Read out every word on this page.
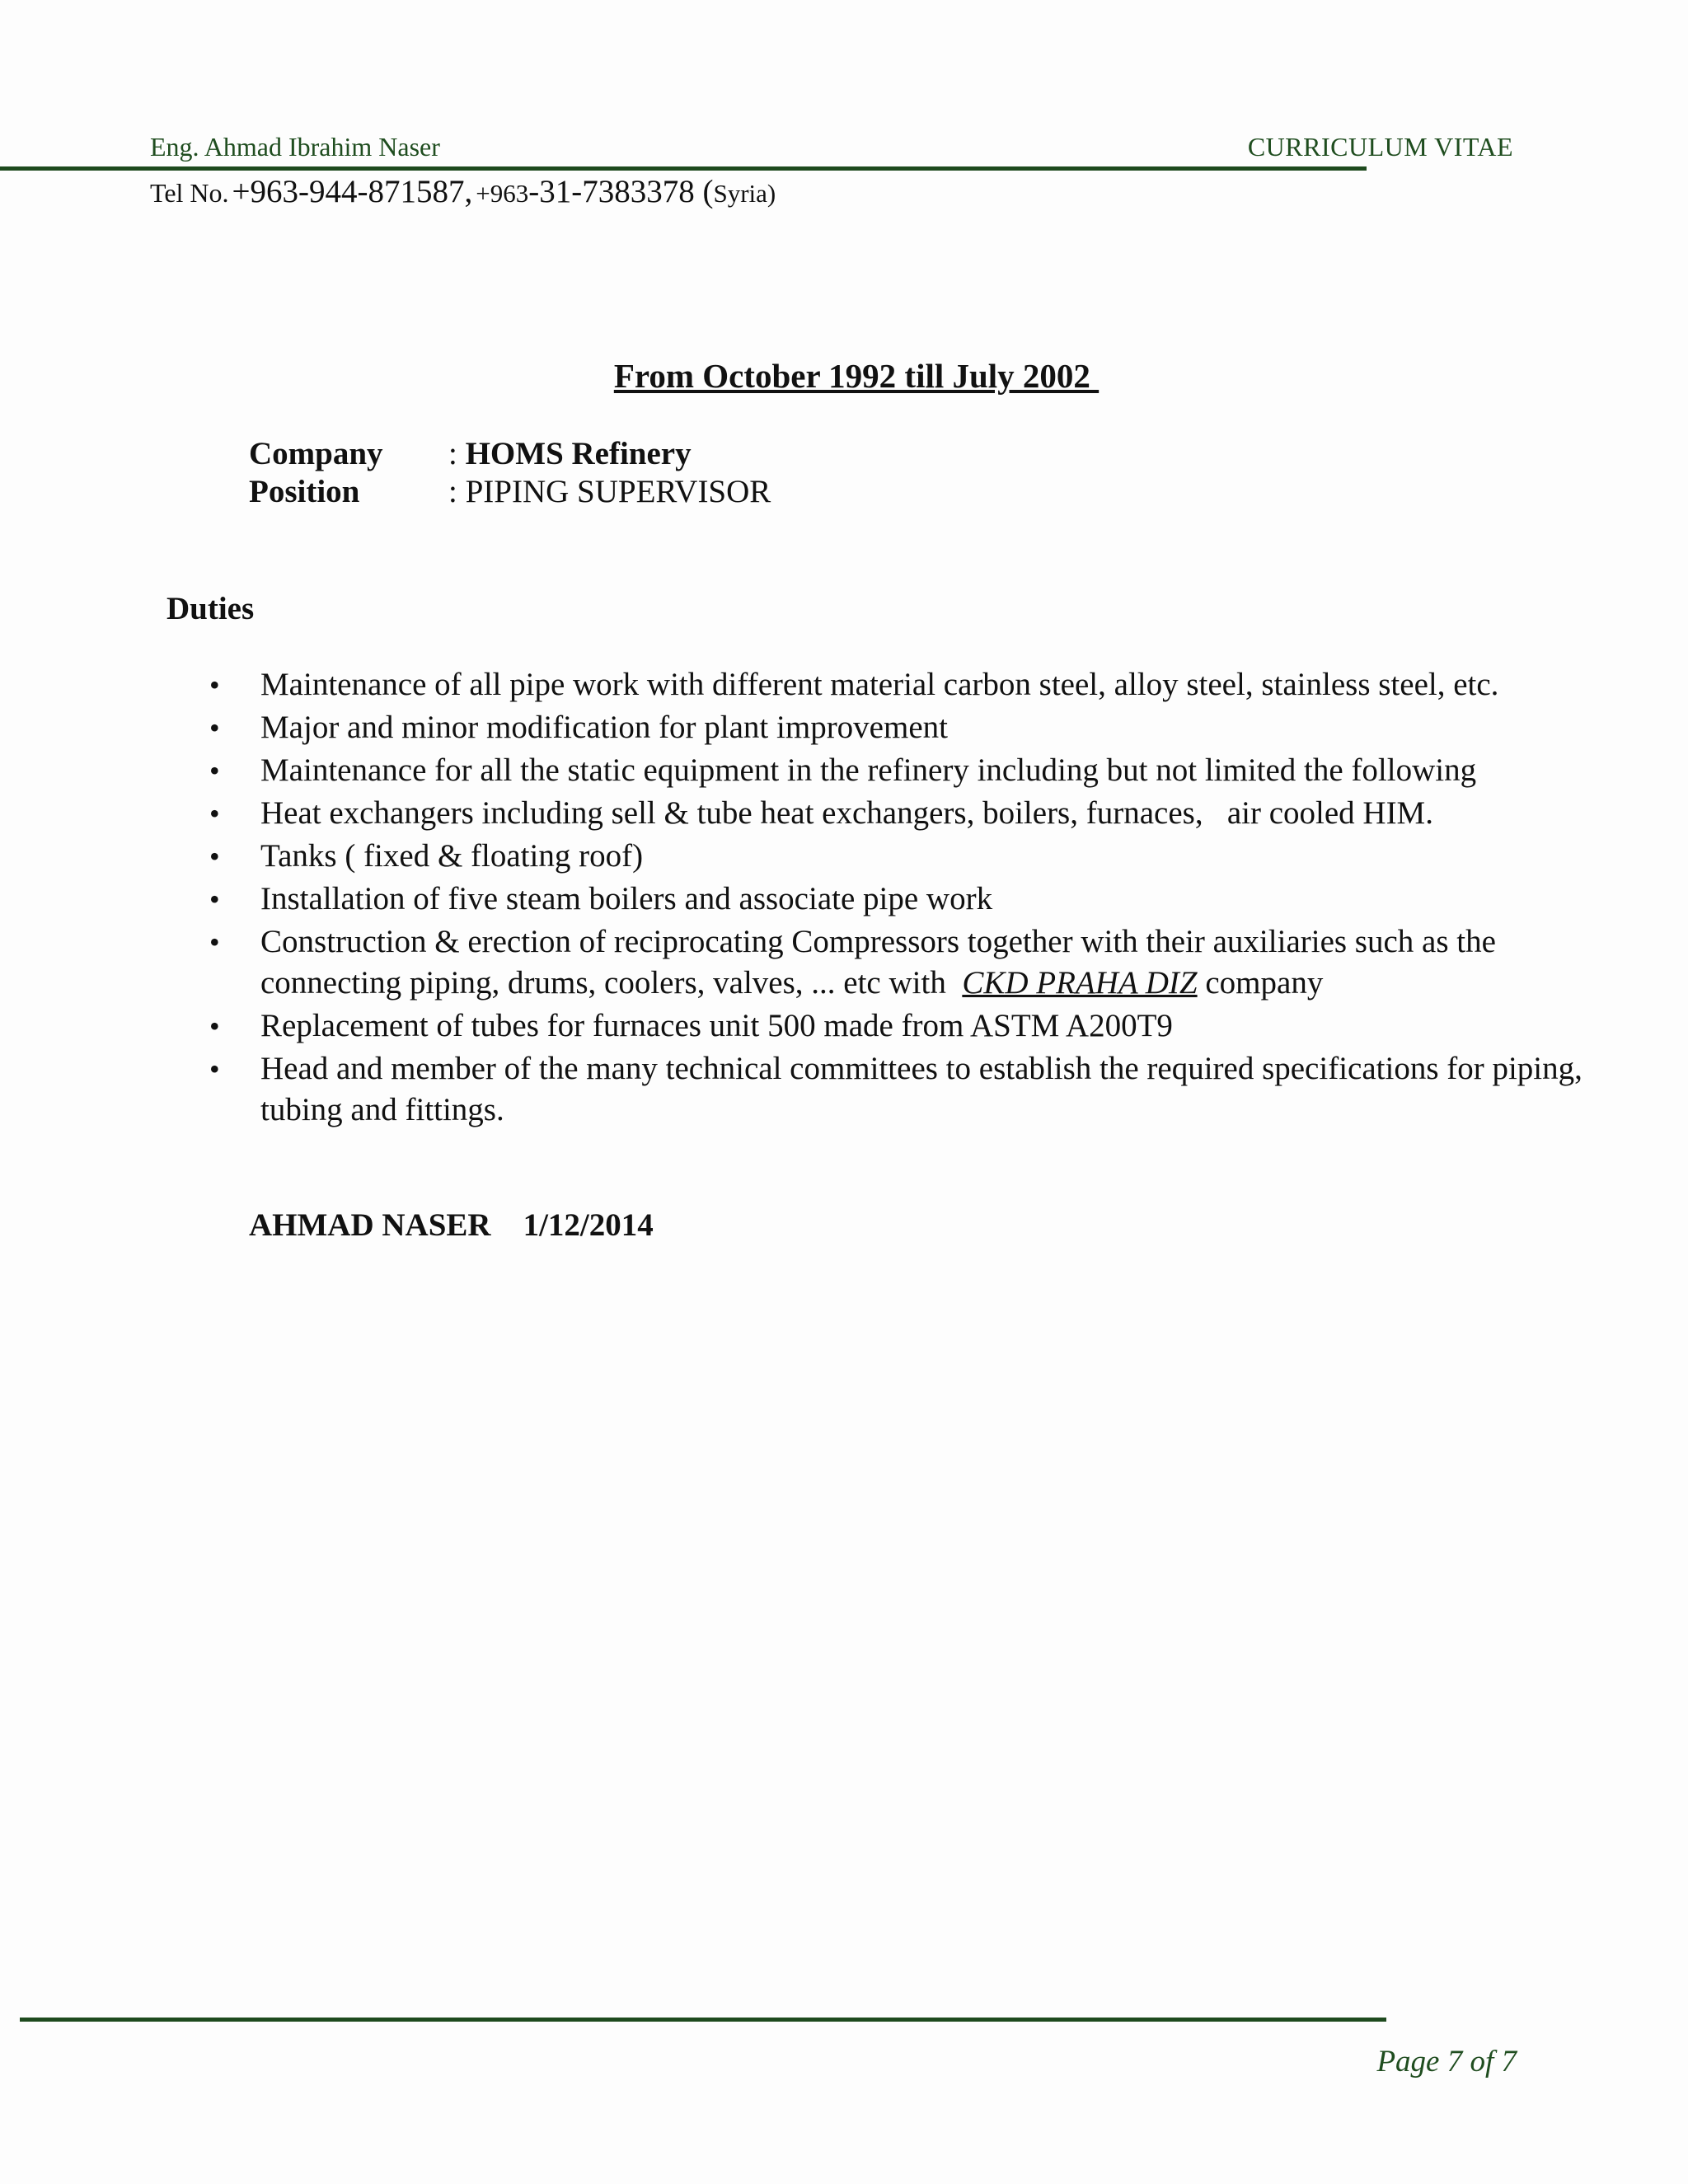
Eng. Ahmad Ibrahim Naser	CURRICULUM VITAE
Tel No. +963-944-871587, +963-31-7383378 (Syria)
From October 1992 till July 2002
Company : HOMS Refinery
Position	: PIPING SUPERVISOR
Duties
• Maintenance of all pipe work with different material carbon steel, alloy steel, stainless steel, etc.
• Major and minor modification for plant improvement
• Maintenance for all the static equipment in the refinery including but not limited the following
• Heat exchangers including sell & tube heat exchangers, boilers, furnaces,   air cooled HIM.
• Tanks ( fixed & floating roof)
• Installation of five steam boilers and associate pipe work
• Construction & erection of reciprocating Compressors together with their auxiliaries such as the connecting piping, drums, coolers, valves, ... etc with  CKD PRAHA DIZ company
• Replacement of tubes for furnaces unit 500 made from ASTM A200T9
• Head and member of the many technical committees to establish the required specifications for piping, tubing and fittings.
AHMAD NASER    1/12/2014
Page 7 of 7
